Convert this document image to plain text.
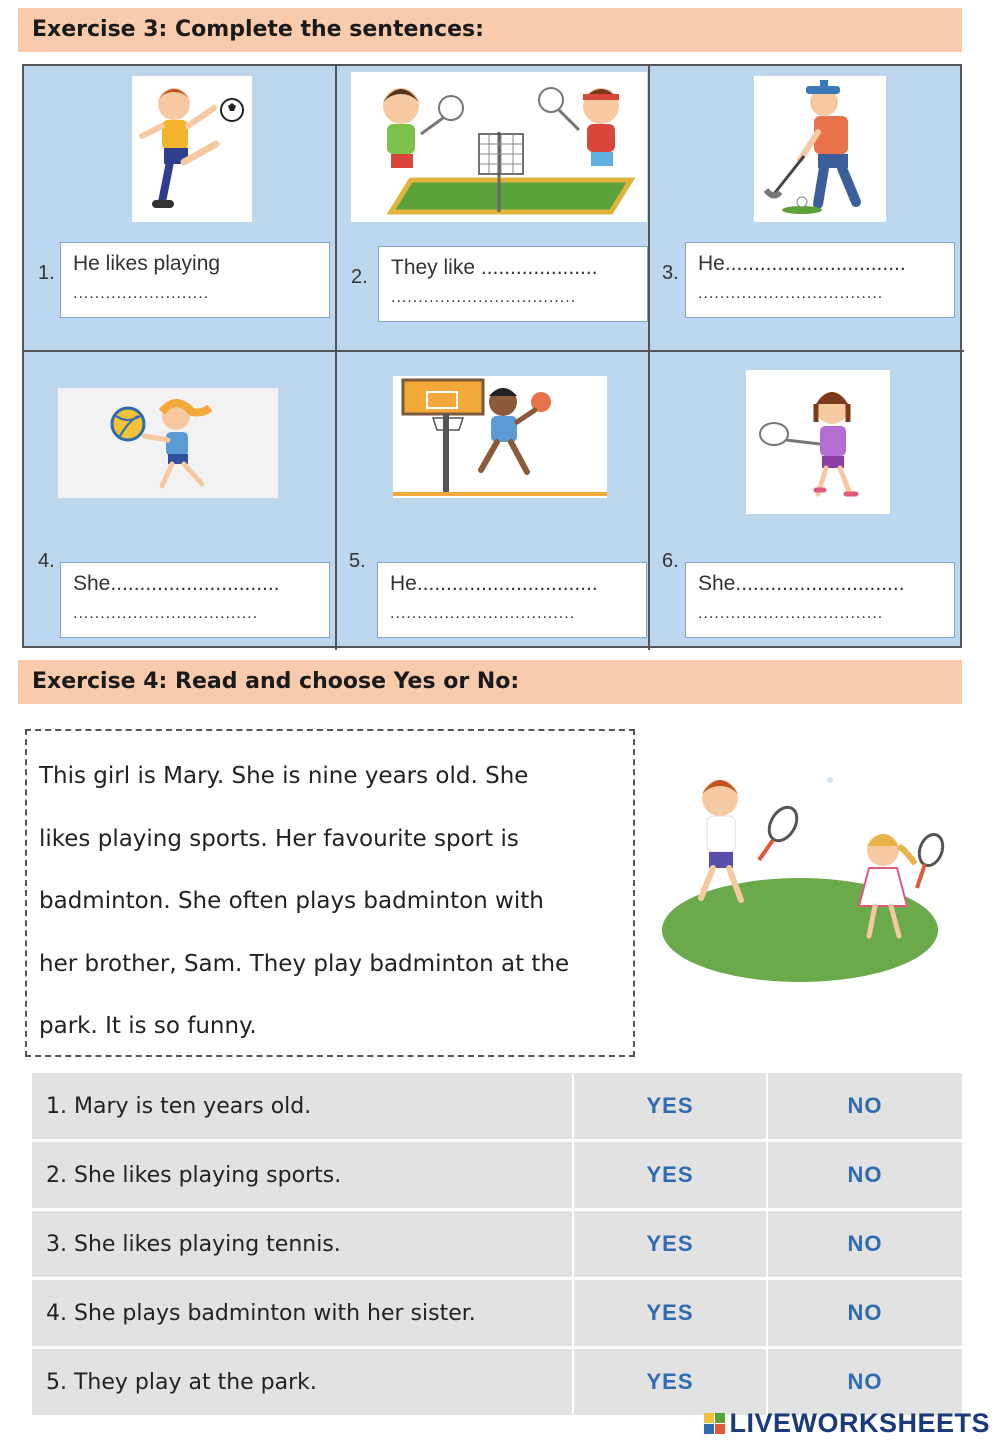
Exercise 3: Complete the sentences:
1. He likes playing
.........................
2.	They like ....................
..................................
3. He...............................
..................................
4.
She.............................
..................................
5.
He...............................
..................................
6.
She.............................
..................................
Exercise 4: Read and choose Yes or No:
This girl is Mary. She is nine years old. She
likes playing sports. Her favourite sport is
badminton. She often plays badminton with
her brother, Sam. They play badminton at the
park. It is so funny.
1. Mary is ten years old.	YES	NO
2. She likes playing sports.	YES	NO
3. She likes playing tennis.	YES	NO
4. She plays badminton with her sister.	YES	NO
5. They play at the park.	YES	NO
LIVEWORKSHEETS
